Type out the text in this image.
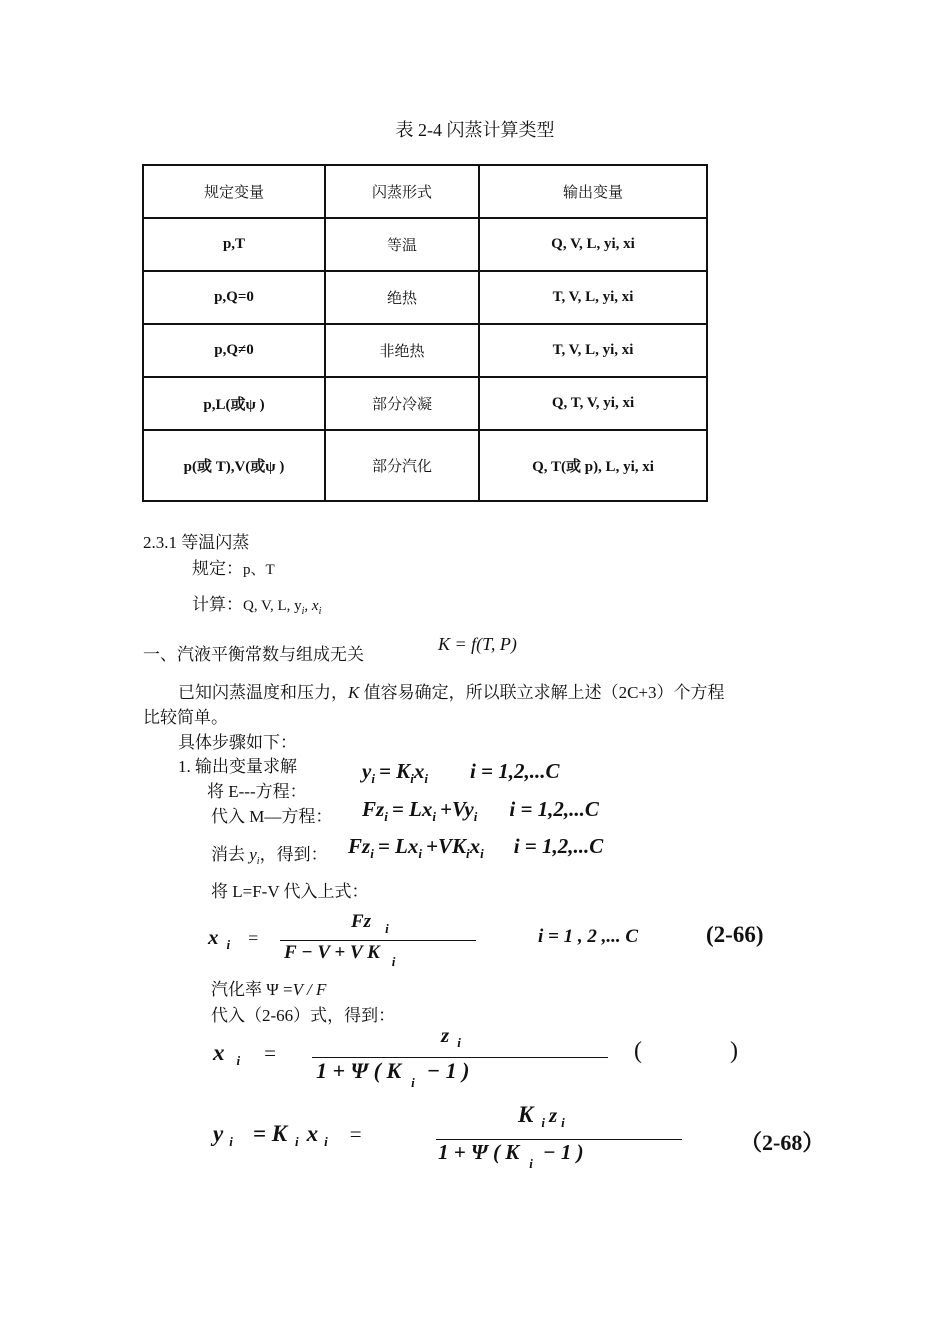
表 2-4 闪蒸计算类型
规定变量	闪蒸形式	输出变量
p,T	等温	Q, V, L, yi, xi
p,Q=0	绝热	T, V, L, yi, xi
p,Q≠0	非绝热	T, V, L, yi, xi
p,L(或ψ )	部分冷凝	Q, T, V, yi, xi
p(或 T),V(或ψ )	部分汽化	Q, T(或 p), L, yi, xi
2.3.1 等温闪蒸
规定：p、T
计算：Q, V, L, $y_i$, $x_i$
一、汽液平衡常数与组成无关
K = f(T, P)
已知闪蒸温度和压力，K 值容易确定，所以联立求解上述（2C+3）个方程
比较简单。
具体步骤如下：
1. 输出变量求解
将 E---方程：
$y_i = K_ix_i$ i = 1,2,...C
代入 M—方程： $Fz_i = Lx_i +Vy_i$ i = 1,2,...C
消去 $y_i$，得到： $Fz_i = Lx_i +VK_ix_i$ i = 1,2,...C
将 L=F-V 代入上式：
x $_i$ =
Fz $_i$
F − V + V K $_i$
i = 1 , 2 ,... C	(2-66)
汽化率 Ψ =V / F
代入（2-66）式，得到：
x $_i$ =
z $_i$
1 + Ψ ( K $_i$ − 1 )
(	)
y $_i$ = K $_i$ x $_i$ =
K $_i$ z $_i$
1 + Ψ ( K $_i$ − 1 )	（2-68）
